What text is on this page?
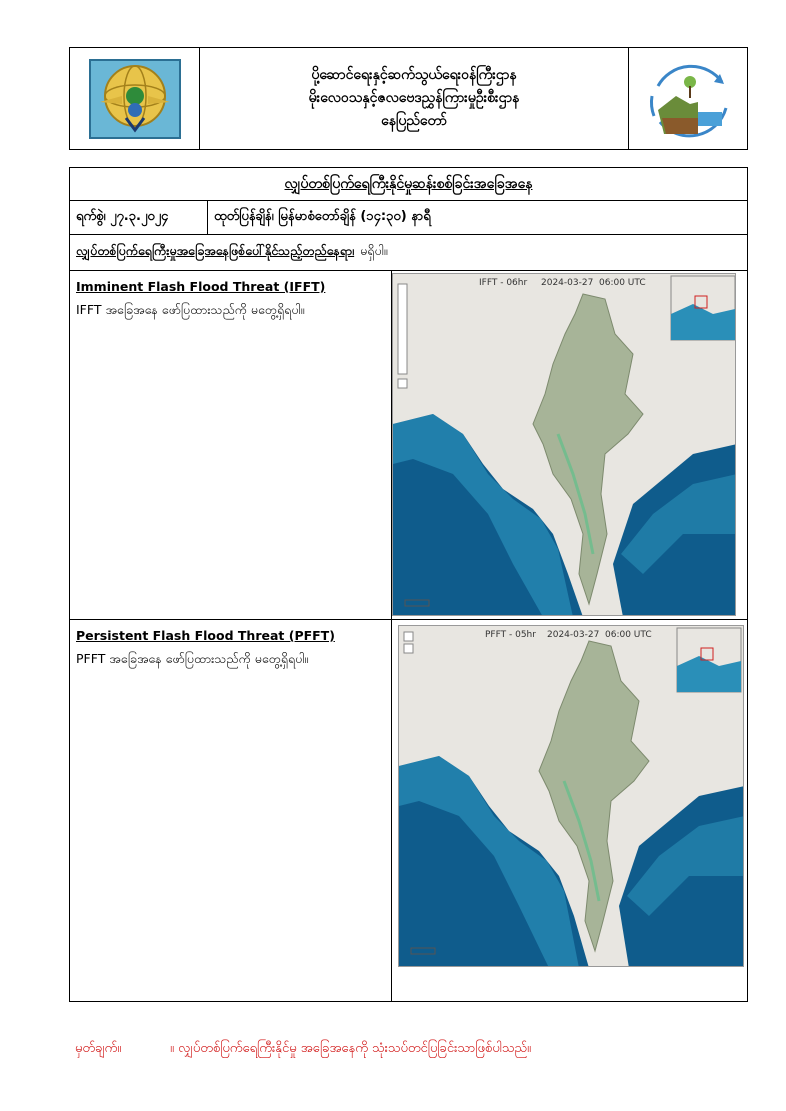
ပို့ဆောင်ရေးနှင့်ဆက်သွယ်ရေးဝန်ကြီးဌာန
မိုးလေဝသနှင့်ဇလဗေဒညွှန်ကြားမှုဦးစီးဌာန
နေပြည်တော်
လျှပ်တစ်ပြက်ရေကြီးနိုင်မှုဆန်းစစ်ခြင်းအခြေအနေ
ရက်စွဲ၊ ၂၇.၃.၂၀၂၄	ထုတ်ပြန်ချိန်၊ မြန်မာစံတော်ချိန် (၁၄:၃၀) နာရီ
လျှပ်တစ်ပြက်ရေကြီးမှုအခြေအနေဖြစ်ပေါ်နိုင်သည့်တည်နေရာ၊ မရှိပါ။
Imminent Flash Flood Threat (IFFT)
IFFT အခြေအနေ ဖော်ပြထားသည်ကို မတွေ့ရှိရပါ။
IFFT - 06hr 2024-03-27 06:00 UTC
Persistent Flash Flood Threat (PFFT)
PFFT အခြေအနေ ဖော်ပြထားသည်ကို မတွေ့ရှိရပါ။
PFFT - 05hr 2024-03-27 06:00 UTC
မှတ်ချက်။	။ လျှပ်တစ်ပြက်ရေကြီးနိုင်မှု အခြေအနေကို သုံးသပ်တင်ပြခြင်းသာဖြစ်ပါသည်။
